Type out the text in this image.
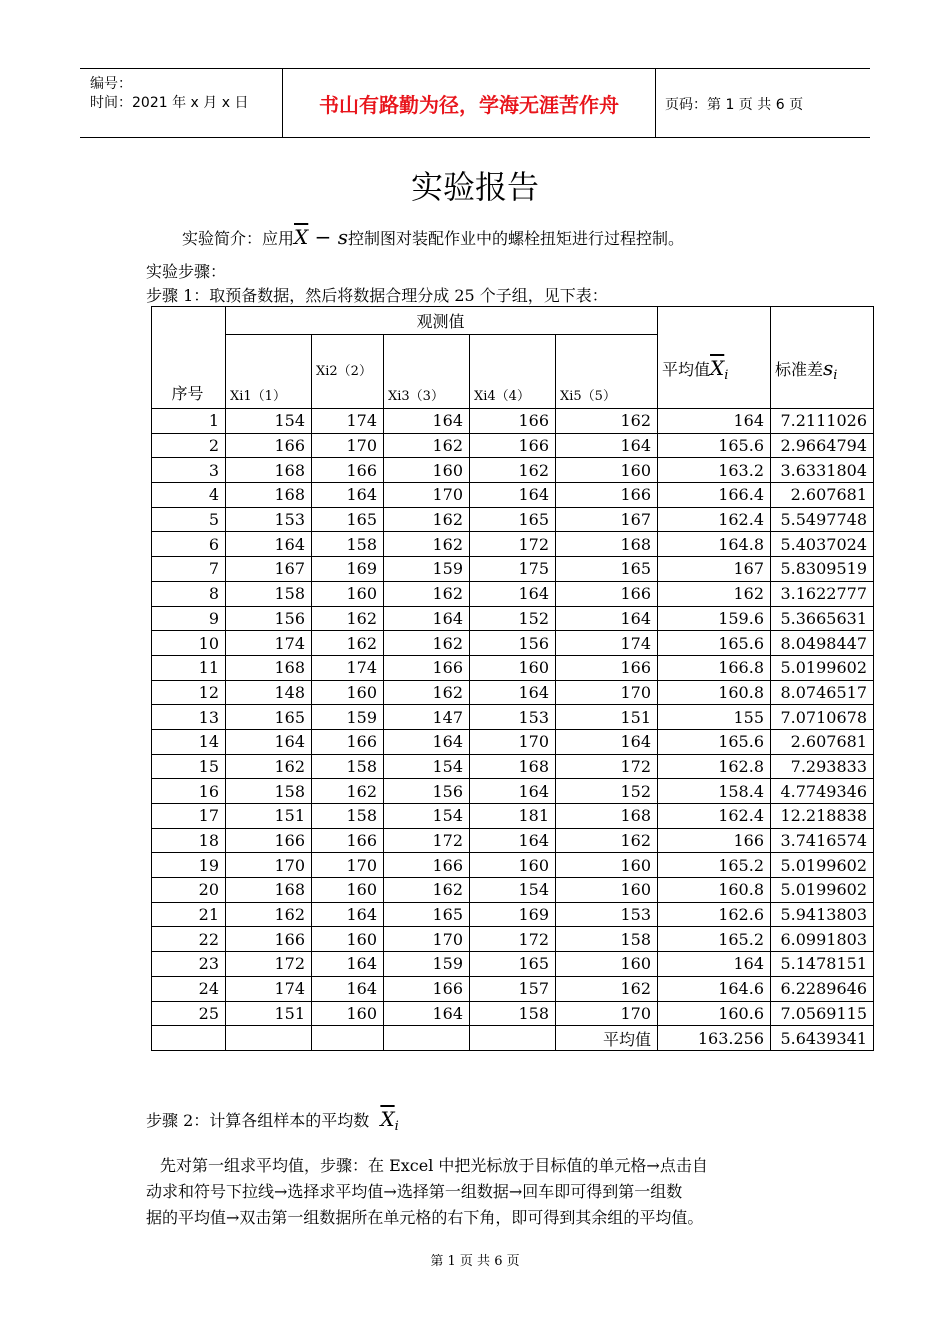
编号：
时间：2021 年 x 月 x 日	书山有路勤为径，学海无涯苦作舟	页码：第 1 页 共 6 页
实验报告
实验简介：应用$\overline{X} - s$控制图对装配作业中的螺栓扭矩进行过程控制。
实验步骤：
步骤 1：取预备数据，然后将数据合理分成 25 个子组，见下表：
序号	观测值					平均值$\overline{X}_i$	标准差$s_i$
	Xi1（1）	Xi2（2）	Xi3（3）	Xi4（4）	Xi5（5）		
1	154	174	164	166	162	164	7.2111026
2	166	170	162	166	164	165.6	2.9664794
3	168	166	160	162	160	163.2	3.6331804
4	168	164	170	164	166	166.4	2.607681
5	153	165	162	165	167	162.4	5.5497748
6	164	158	162	172	168	164.8	5.4037024
7	167	169	159	175	165	167	5.8309519
8	158	160	162	164	166	162	3.1622777
9	156	162	164	152	164	159.6	5.3665631
10	174	162	162	156	174	165.6	8.0498447
11	168	174	166	160	166	166.8	5.0199602
12	148	160	162	164	170	160.8	8.0746517
13	165	159	147	153	151	155	7.0710678
14	164	166	164	170	164	165.6	2.607681
15	162	158	154	168	172	162.8	7.293833
16	158	162	156	164	152	158.4	4.7749346
17	151	158	154	181	168	162.4	12.218838
18	166	166	172	164	162	166	3.7416574
19	170	170	166	160	160	165.2	5.0199602
20	168	160	162	154	160	160.8	5.0199602
21	162	164	165	169	153	162.6	5.9413803
22	166	160	170	172	158	165.2	6.0991803
23	172	164	159	165	160	164	5.1478151
24	174	164	166	157	162	164.6	6.2289646
25	151	160	164	158	170	160.6	7.0569115
					平均值	163.256	5.6439341
步骤 2：计算各组样本的平均数 $\overline{X}_i$
先对第一组求平均值，步骤：在 Excel 中把光标放于目标值的单元格→点击自
动求和符号下拉线→选择求平均值→选择第一组数据→回车即可得到第一组数
据的平均值→双击第一组数据所在单元格的右下角，即可得到其余组的平均值。
第 1 页 共 6 页
